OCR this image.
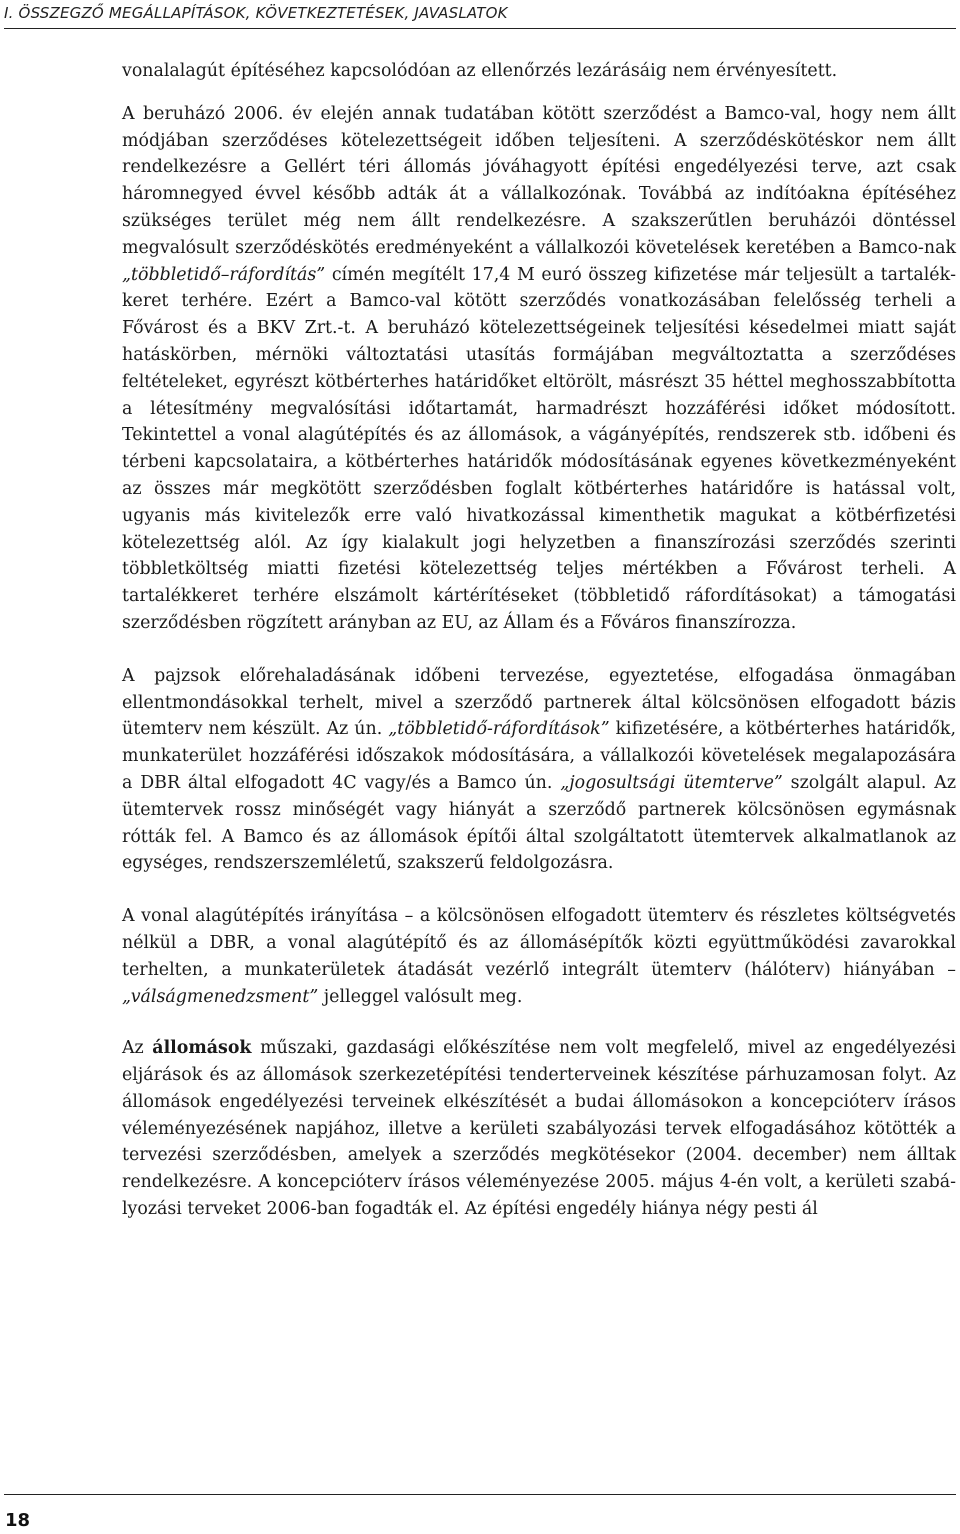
I. ÖSSZEGZŐ MEGÁLLAPÍTÁSOK, KÖVETKEZTETÉSEK, JAVASLATOK

vonalalagút építéséhez kapcsolódóan az ellenőrzés lezárásáig nem érvényesített.

A beruházó 2006. év elején annak tudatában kötött szerződést a Bamco-val, hogy nem állt módjában szerződéses kötelezettségeit időben teljesíteni. A szerződéskötéskor nem állt rendelkezésre a Gellért téri állomás jóváhagyott építési engedélyezési terve, azt csak háromnegyed évvel később adták át a vállalkozónak. Továbbá az indítóakna építéséhez szükséges terület még nem állt rendelkezésre. A szakszerűtlen beruházói döntéssel megvalósult szerződéskötés eredményeként a vállalkozói követelések keretében a Bamco-nak „többletidő–ráfordítás” címén megítélt 17,4 M euró összeg kifizetése már teljesült a tartalékkeret terhére. Ezért a Bamco-val kötött szerződés vonatkozásában felelősség terheli a Fővárost és a BKV Zrt.-t. A beruházó kötelezettségeinek teljesítési késedelmei miatt saját hatáskörben, mérnöki változtatási utasítás formájában megváltoztatta a szerződéses feltételeket, egyrészt kötbérterhes határidőket eltörölt, másrészt 35 héttel meghosszabbította a létesítmény megvalósítási időtartamát, harmadrészt hozzáférési időket módosított. Tekintettel a vonal alagútépítés és az állomások, a vágányépítés, rendszerek stb. időbeni és térbeni kapcsolataira, a kötbérterhes határidők módosításának egyenes következményeként az összes már megkötött szerződésben foglalt kötbérterhes határidőre is hatással volt, ugyanis más kivitelezők erre való hivatkozással kimenthetik magukat a kötbérfizetési kötelezettség alól. Az így kialakult jogi helyzetben a finanszírozási szerződés szerinti többletköltség miatti fizetési kötelezettség teljes mértékben a Fővárost terheli. A tartalékkeret terhére elszámolt kártérítéseket (többletidő ráfordításokat) a támogatási szerződésben rögzített arányban az EU, az Állam és a Főváros finanszírozza.

A pajzsok előrehaladásának időbeni tervezése, egyeztetése, elfogadása önmagában ellentmondásokkal terhelt, mivel a szerződő partnerek által kölcsönösen elfogadott bázis ütemterv nem készült. Az ún. „többletidő-ráfordítások” kifizetésére, a kötbérterhes határidők, munkaterület hozzáférési időszakok módosítására, a vállalkozói követelések megalapozására a DBR által elfogadott 4C vagy/és a Bamco ún. „jogosultsági ütemterve” szolgált alapul. Az ütemtervek rossz minőségét vagy hiányát a szerződő partnerek kölcsönösen egymásnak rótták fel. A Bamco és az állomások építői által szolgáltatott ütemtervek alkalmatlanok az egységes, rendszerszemléletű, szakszerű feldolgozásra.

A vonal alagútépítés irányítása – a kölcsönösen elfogadott ütemterv és részletes költségvetés nélkül a DBR, a vonal alagútépítő és az állomásépítők közti együttműködési zavarokkal terhelten, a munkaterületek átadását vezérlő integrált ütemterv (hálóterv) hiányában – „válságmenedzsment” jelleggel valósult meg.

Az állomások műszaki, gazdasági előkészítése nem volt megfelelő, mivel az engedélyezési eljárások és az állomások szerkezetépítési tenderterveinek készítése párhuzamosan folyt. Az állomások engedélyezési terveinek elkészítését a budai állomásokon a koncepcióterv írásos véleményezésének napjához, illetve a kerületi szabályozási tervek elfogadásához kötötték a tervezési szerződésben, amelyek a szerződés megkötésekor (2004. december) nem álltak rendelkezésre. A koncepcióterv írásos véleményezése 2005. május 4-én volt, a kerületi szabályozási terveket 2006-ban fogadták el. Az építési engedély hiánya négy pesti ál

18
